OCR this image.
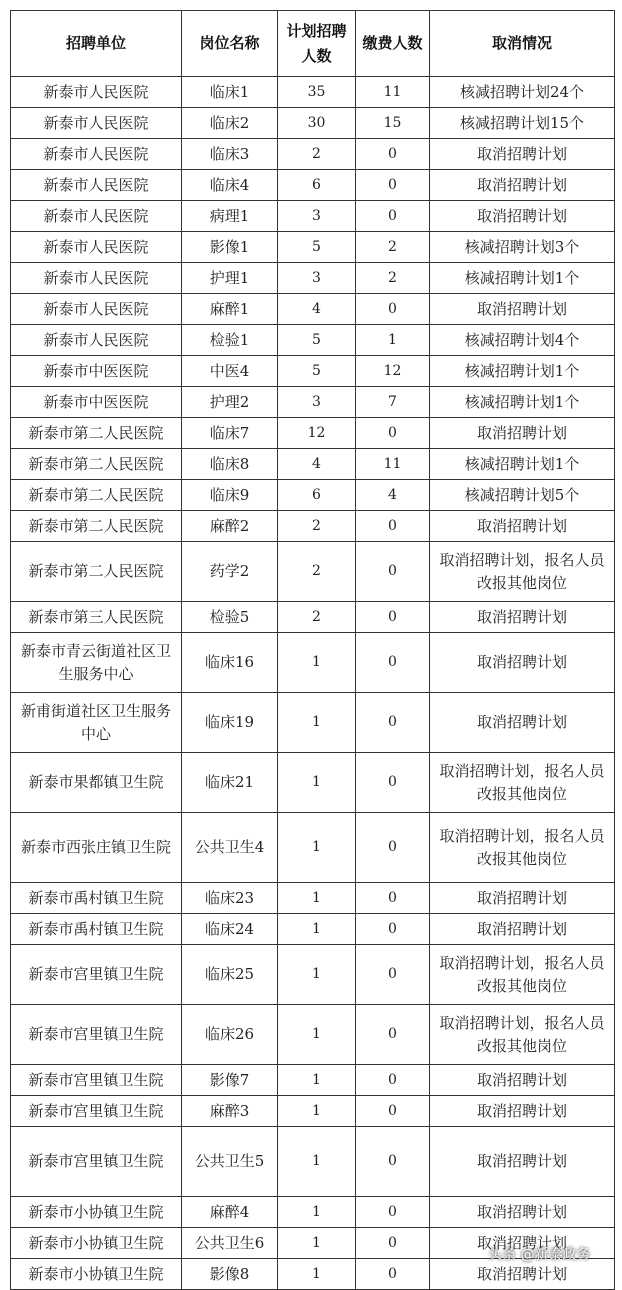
招聘单位	岗位名称	计划招聘人数	缴费人数	取消情况
新泰市人民医院	临床1	35	11	核减招聘计划24个
新泰市人民医院	临床2	30	15	核减招聘计划15个
新泰市人民医院	临床3	2	0	取消招聘计划
新泰市人民医院	临床4	6	0	取消招聘计划
新泰市人民医院	病理1	3	0	取消招聘计划
新泰市人民医院	影像1	5	2	核减招聘计划3个
新泰市人民医院	护理1	3	2	核减招聘计划1个
新泰市人民医院	麻醉1	4	0	取消招聘计划
新泰市人民医院	检验1	5	1	核减招聘计划4个
新泰市中医医院	中医4	5	12	核减招聘计划1个
新泰市中医医院	护理2	3	7	核减招聘计划1个
新泰市第二人民医院	临床7	12	0	取消招聘计划
新泰市第二人民医院	临床8	4	11	核减招聘计划1个
新泰市第二人民医院	临床9	6	4	核减招聘计划5个
新泰市第二人民医院	麻醉2	2	0	取消招聘计划
新泰市第二人民医院	药学2	2	0	取消招聘计划，报名人员改报其他岗位
新泰市第三人民医院	检验5	2	0	取消招聘计划
新泰市青云街道社区卫生服务中心	临床16	1	0	取消招聘计划
新甫街道社区卫生服务中心	临床19	1	0	取消招聘计划
新泰市果都镇卫生院	临床21	1	0	取消招聘计划，报名人员改报其他岗位
新泰市西张庄镇卫生院	公共卫生4	1	0	取消招聘计划，报名人员改报其他岗位
新泰市禹村镇卫生院	临床23	1	0	取消招聘计划
新泰市禹村镇卫生院	临床24	1	0	取消招聘计划
新泰市宫里镇卫生院	临床25	1	0	取消招聘计划，报名人员改报其他岗位
新泰市宫里镇卫生院	临床26	1	0	取消招聘计划，报名人员改报其他岗位
新泰市宫里镇卫生院	影像7	1	0	取消招聘计划
新泰市宫里镇卫生院	麻醉3	1	0	取消招聘计划
新泰市宫里镇卫生院	公共卫生5	1	0	取消招聘计划
新泰市小协镇卫生院	麻醉4	1	0	取消招聘计划
新泰市小协镇卫生院	公共卫生6	1	0	取消招聘计划
新泰市小协镇卫生院	影像8	1	0	取消招聘计划
头条 @新泰政务
